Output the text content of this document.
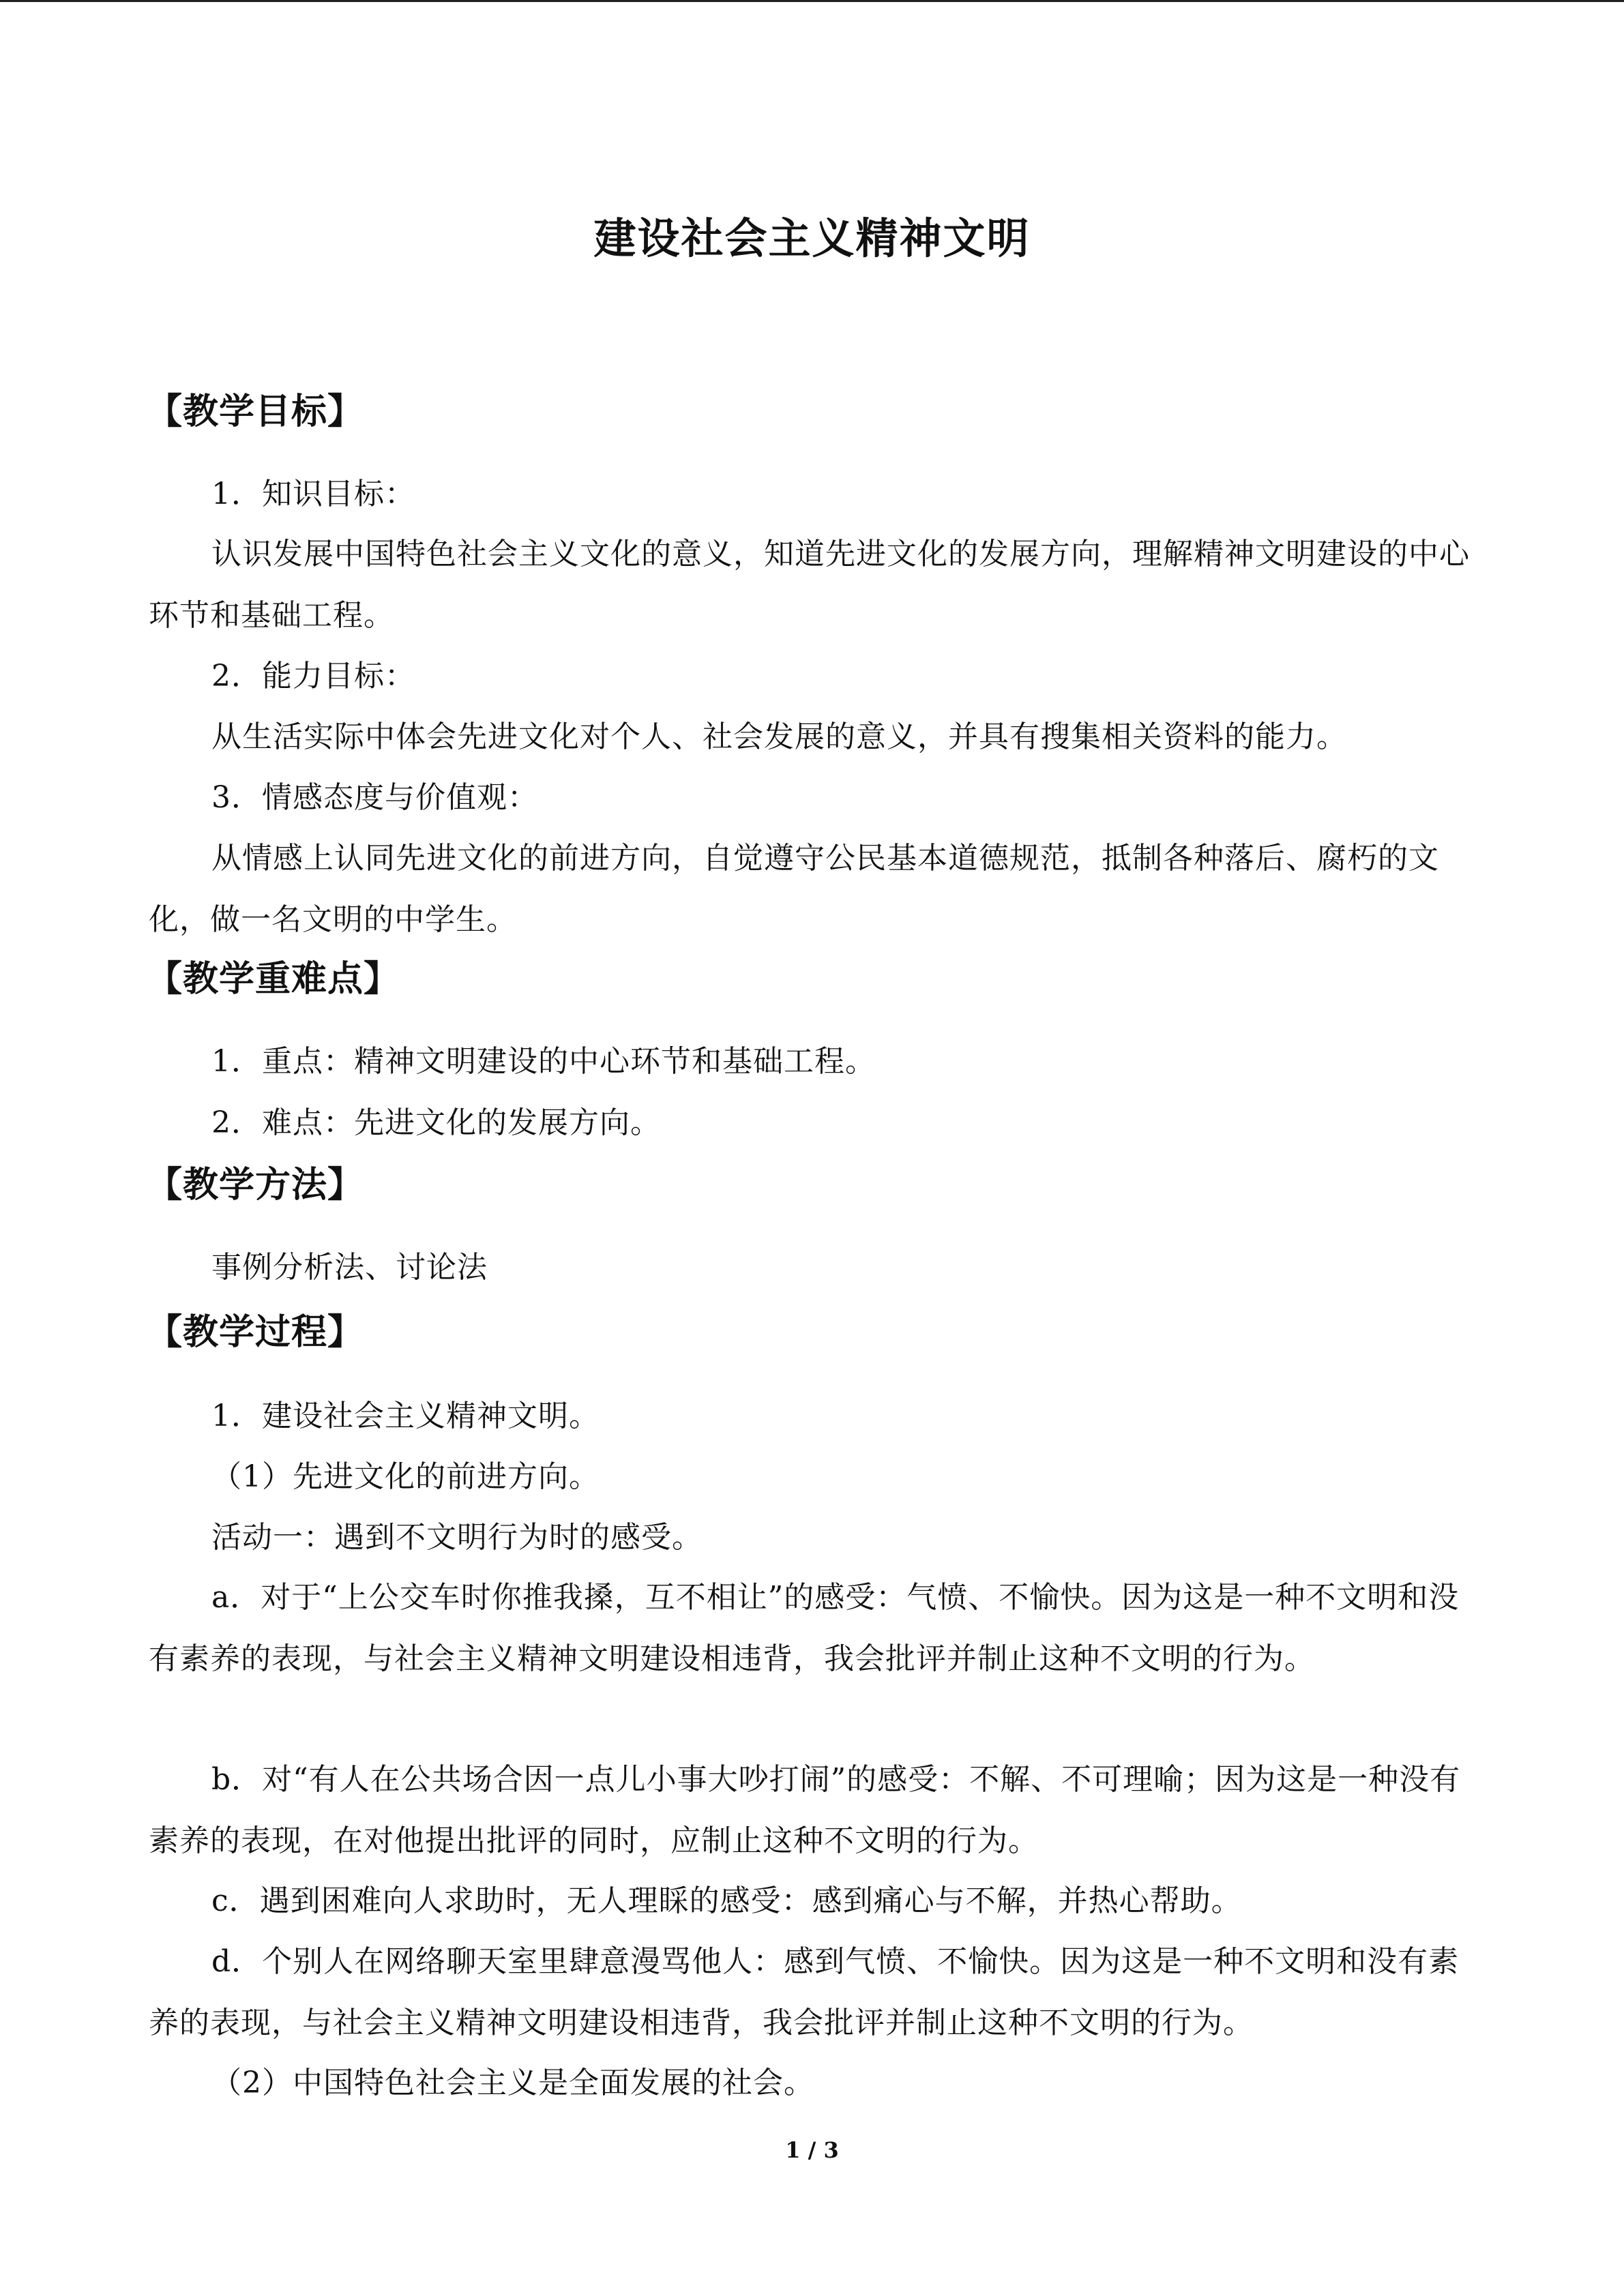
建设社会主义精神文明
【教学目标】
1．知识目标：
认识发展中国特色社会主义文化的意义，知道先进文化的发展方向，理解精神文明建设的中心环节和基础工程。
2．能力目标：
从生活实际中体会先进文化对个人、社会发展的意义，并具有搜集相关资料的能力。
3．情感态度与价值观：
从情感上认同先进文化的前进方向，自觉遵守公民基本道德规范，抵制各种落后、腐朽的文化，做一名文明的中学生。
【教学重难点】
1．重点：精神文明建设的中心环节和基础工程。
2．难点：先进文化的发展方向。
【教学方法】
事例分析法、讨论法
【教学过程】
1．建设社会主义精神文明。
（1）先进文化的前进方向。
活动一：遇到不文明行为时的感受。
a．对于“上公交车时你推我搡，互不相让”的感受：气愤、不愉快。因为这是一种不文明和没有素养的表现，与社会主义精神文明建设相违背，我会批评并制止这种不文明的行为。
b．对“有人在公共场合因一点儿小事大吵打闹”的感受：不解、不可理喻；因为这是一种没有素养的表现，在对他提出批评的同时，应制止这种不文明的行为。
c．遇到困难向人求助时，无人理睬的感受：感到痛心与不解，并热心帮助。
d．个别人在网络聊天室里肆意漫骂他人：感到气愤、不愉快。因为这是一种不文明和没有素养的表现，与社会主义精神文明建设相违背，我会批评并制止这种不文明的行为。
（2）中国特色社会主义是全面发展的社会。
1 / 3
